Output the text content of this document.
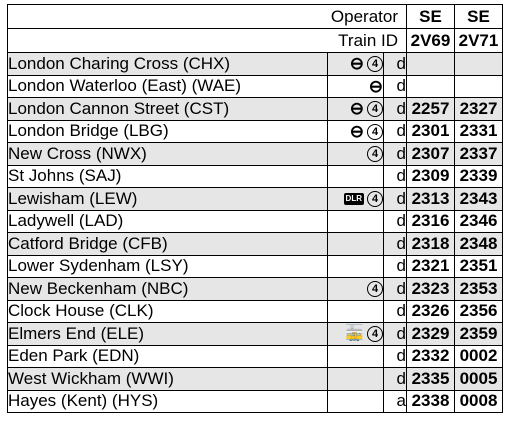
Operator			SE	SE
Train ID			2V69	2V71
London Charing Cross (CHX)	⊖ 4	d		
London Waterloo (East) (WAE)	⊖	d		
London Cannon Street (CST)	⊖ 4	d	2257	2327
London Bridge (LBG)	⊖ 4	d	2301	2331
New Cross (NWX)	4	d	2307	2337
St Johns (SAJ)		d	2309	2339
Lewisham (LEW)	DLR 4	d	2313	2343
Ladywell (LAD)		d	2316	2346
Catford Bridge (CFB)		d	2318	2348
Lower Sydenham (LSY)		d	2321	2351
New Beckenham (NBC)	4	d	2323	2353
Clock House (CLK)		d	2326	2356
Elmers End (ELE)	🚋 4	d	2329	2359
Eden Park (EDN)		d	2332	0002
West Wickham (WWI)		d	2335	0005
Hayes (Kent) (HYS)		a	2338	0008
